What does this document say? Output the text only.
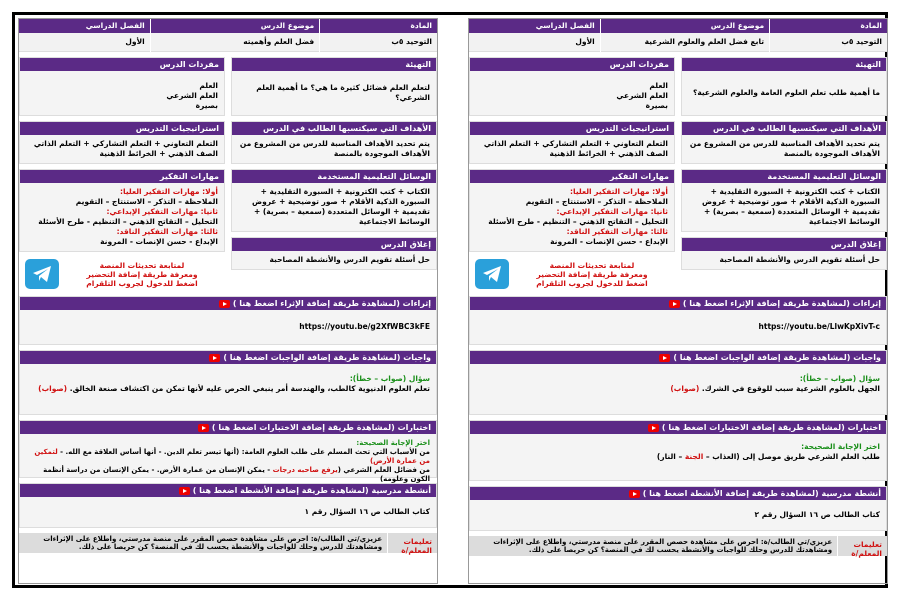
المادة
التوحيد ٥ب
موضوع الدرس
تابع فضل العلم والعلوم الشرعية
الفصل الدراسي
الأول
التهيئة
ما أهمية طلب تعلم العلوم العامة والعلوم الشرعية؟
مفردات الدرس
العلم
العلم الشرعي
بصيرة
الأهداف التي سيكتسبها الطالب في الدرس
يتم تحديد الأهداف المناسبة للدرس من المشروع من الأهداف الموجودة بالمنصة
استراتيجيات التدريس
التعلم التعاوني + التعلم التشاركي + التعلم الذاتي الصف الذهني + الخرائط الذهنية
الوسائل التعليمية المستخدمة
الكتاب + كتب الكترونية + السبورة التقليدية + السبورة الذكية الأقلام + صور توضيحية + عروض تقديمية + الوسائل المتعددة (سمعية – بصرية) + الوسائط الاجتماعية
إغلاق الدرس
حل أسئلة تقويم الدرس والأنشطة المصاحبة
مهارات التفكير
أولا: مهارات التفكير العليا:
الملاحظة – التذكر – الاستنتاج – التقويم
ثانيا: مهارات التفكير الإبداعي:
التحليل – التقاتح الذهني – التنظيم - طرح الأسئلة
ثالثا: مهارات التفكير الناقد:
الإبداع - حسن الإنصات - المرونة
لمتابعة تحديثات المنصة
ومعرفة طريقة إضافة التحضير
اضغط للدخول لجروب التلقرام
إثراءات

(لمشاهدة طريقة إضافة الإثراء اضغط هنا )
https://youtu.be/LlwKpXivT-c
واجبات

(لمشاهدة طريقة إضافة الواجبات اضغط هنا )
سؤال (صواب – خطأ):
الجهل بالعلوم الشرعية سبب للوقوع في الشرك. (صواب)
اختبارات

(لمشاهدة طريقة إضافة الاختبارات اضغط هنا )
اختر الإجابة الصحيحة:
طلب العلم الشرعي طريق موصل إلى (العذاب – الجنة – النار)
أنشطة مدرسية

(لمشاهدة طريقة إضافة الأنشطة اضغط هنا )
كتاب الطالب ص ١٦ السؤال رقم ٢
تعليمات المعلم/ة
عزيزي/تي الطالب/ة: احرص على مشاهدة حصص المقرر على منصة مدرستي، واطلاع على الإثراءات ومشاهدتك للدرس وحلك للواجبات والأنشطة يحسب لك في المنصة؟ كن حريصا على ذلك.
المادة
التوحيد ٥ب
موضوع الدرس
فضل العلم وأهميته
الفصل الدراسي
الأول
التهيئة
لتعلم العلم فضائل كثيرة ما هي؟ ما أهمية العلم الشرعي؟
مفردات الدرس
العلم
العلم الشرعي
بصيرة
الأهداف التي سيكتسبها الطالب في الدرس
يتم تحديد الأهداف المناسبة للدرس من المشروع من الأهداف الموجودة بالمنصة
استراتيجيات التدريس
التعلم التعاوني + التعلم التشاركي + التعلم الذاتي الصف الذهني + الخرائط الذهنية
الوسائل التعليمية المستخدمة
الكتاب + كتب الكترونية + السبورة التقليدية + السبورة الذكية الأقلام + صور توضيحية + عروض تقديمية + الوسائل المتعددة (سمعية – بصرية) + الوسائط الاجتماعية
إغلاق الدرس
حل أسئلة تقويم الدرس والأنشطة المصاحبة
مهارات التفكير
أولا: مهارات التفكير العليا:
الملاحظة – التذكر – الاستنتاج – التقويم
ثانيا: مهارات التفكير الإبداعي:
التحليل – التقاتح الذهني – التنظيم - طرح الأسئلة
ثالثا: مهارات التفكير الناقد:
الإبداع - حسن الإنصات - المرونة
لمتابعة تحديثات المنصة
ومعرفة طريقة إضافة التحضير
اضغط للدخول لجروب التلقرام
إثراءات

(لمشاهدة طريقة إضافة الإثراء اضغط هنا )
https://youtu.be/g2XfWBC3kFE
واجبات

(لمشاهدة طريقة إضافة الواجبات اضغط هنا )
سؤال (صواب – خطأ):
تعلم العلوم الدنيوية كالطب، والهندسة أمر ينبغي الحرص عليه لأنها تمكن من اكتشاف صنعة الخالق. (صواب)
اختبارات

(لمشاهدة طريقة إضافة الاختبارات اضغط هنا )
اختر الإجابة الصحيحة:
من الأسباب التي تحث المسلم على طلب العلوم العامة: (أنها تيسر تعلم الدين. - أنها أساس العلاقة مع الله. - لتمكين من عمارة الأرض)
من فضائل العلم الشرعي (يرفع صاحبه درجات - يمكن الإنسان من عمارة الأرض. - يمكن الإنسان من دراسة أنظمة الكون وعلومه)
أنشطة مدرسية

(لمشاهدة طريقة إضافة الأنشطة اضغط هنا )
كتاب الطالب ص ١٦ السؤال رقم ١
تعليمات المعلم/ة
عزيزي/تي الطالب/ة: احرص على مشاهدة حصص المقرر على منصة مدرستي، واطلاع على الإثراءات ومشاهدتك للدرس وحلك للواجبات والأنشطة يحسب لك في المنصة؟ كن حريصا على ذلك.
